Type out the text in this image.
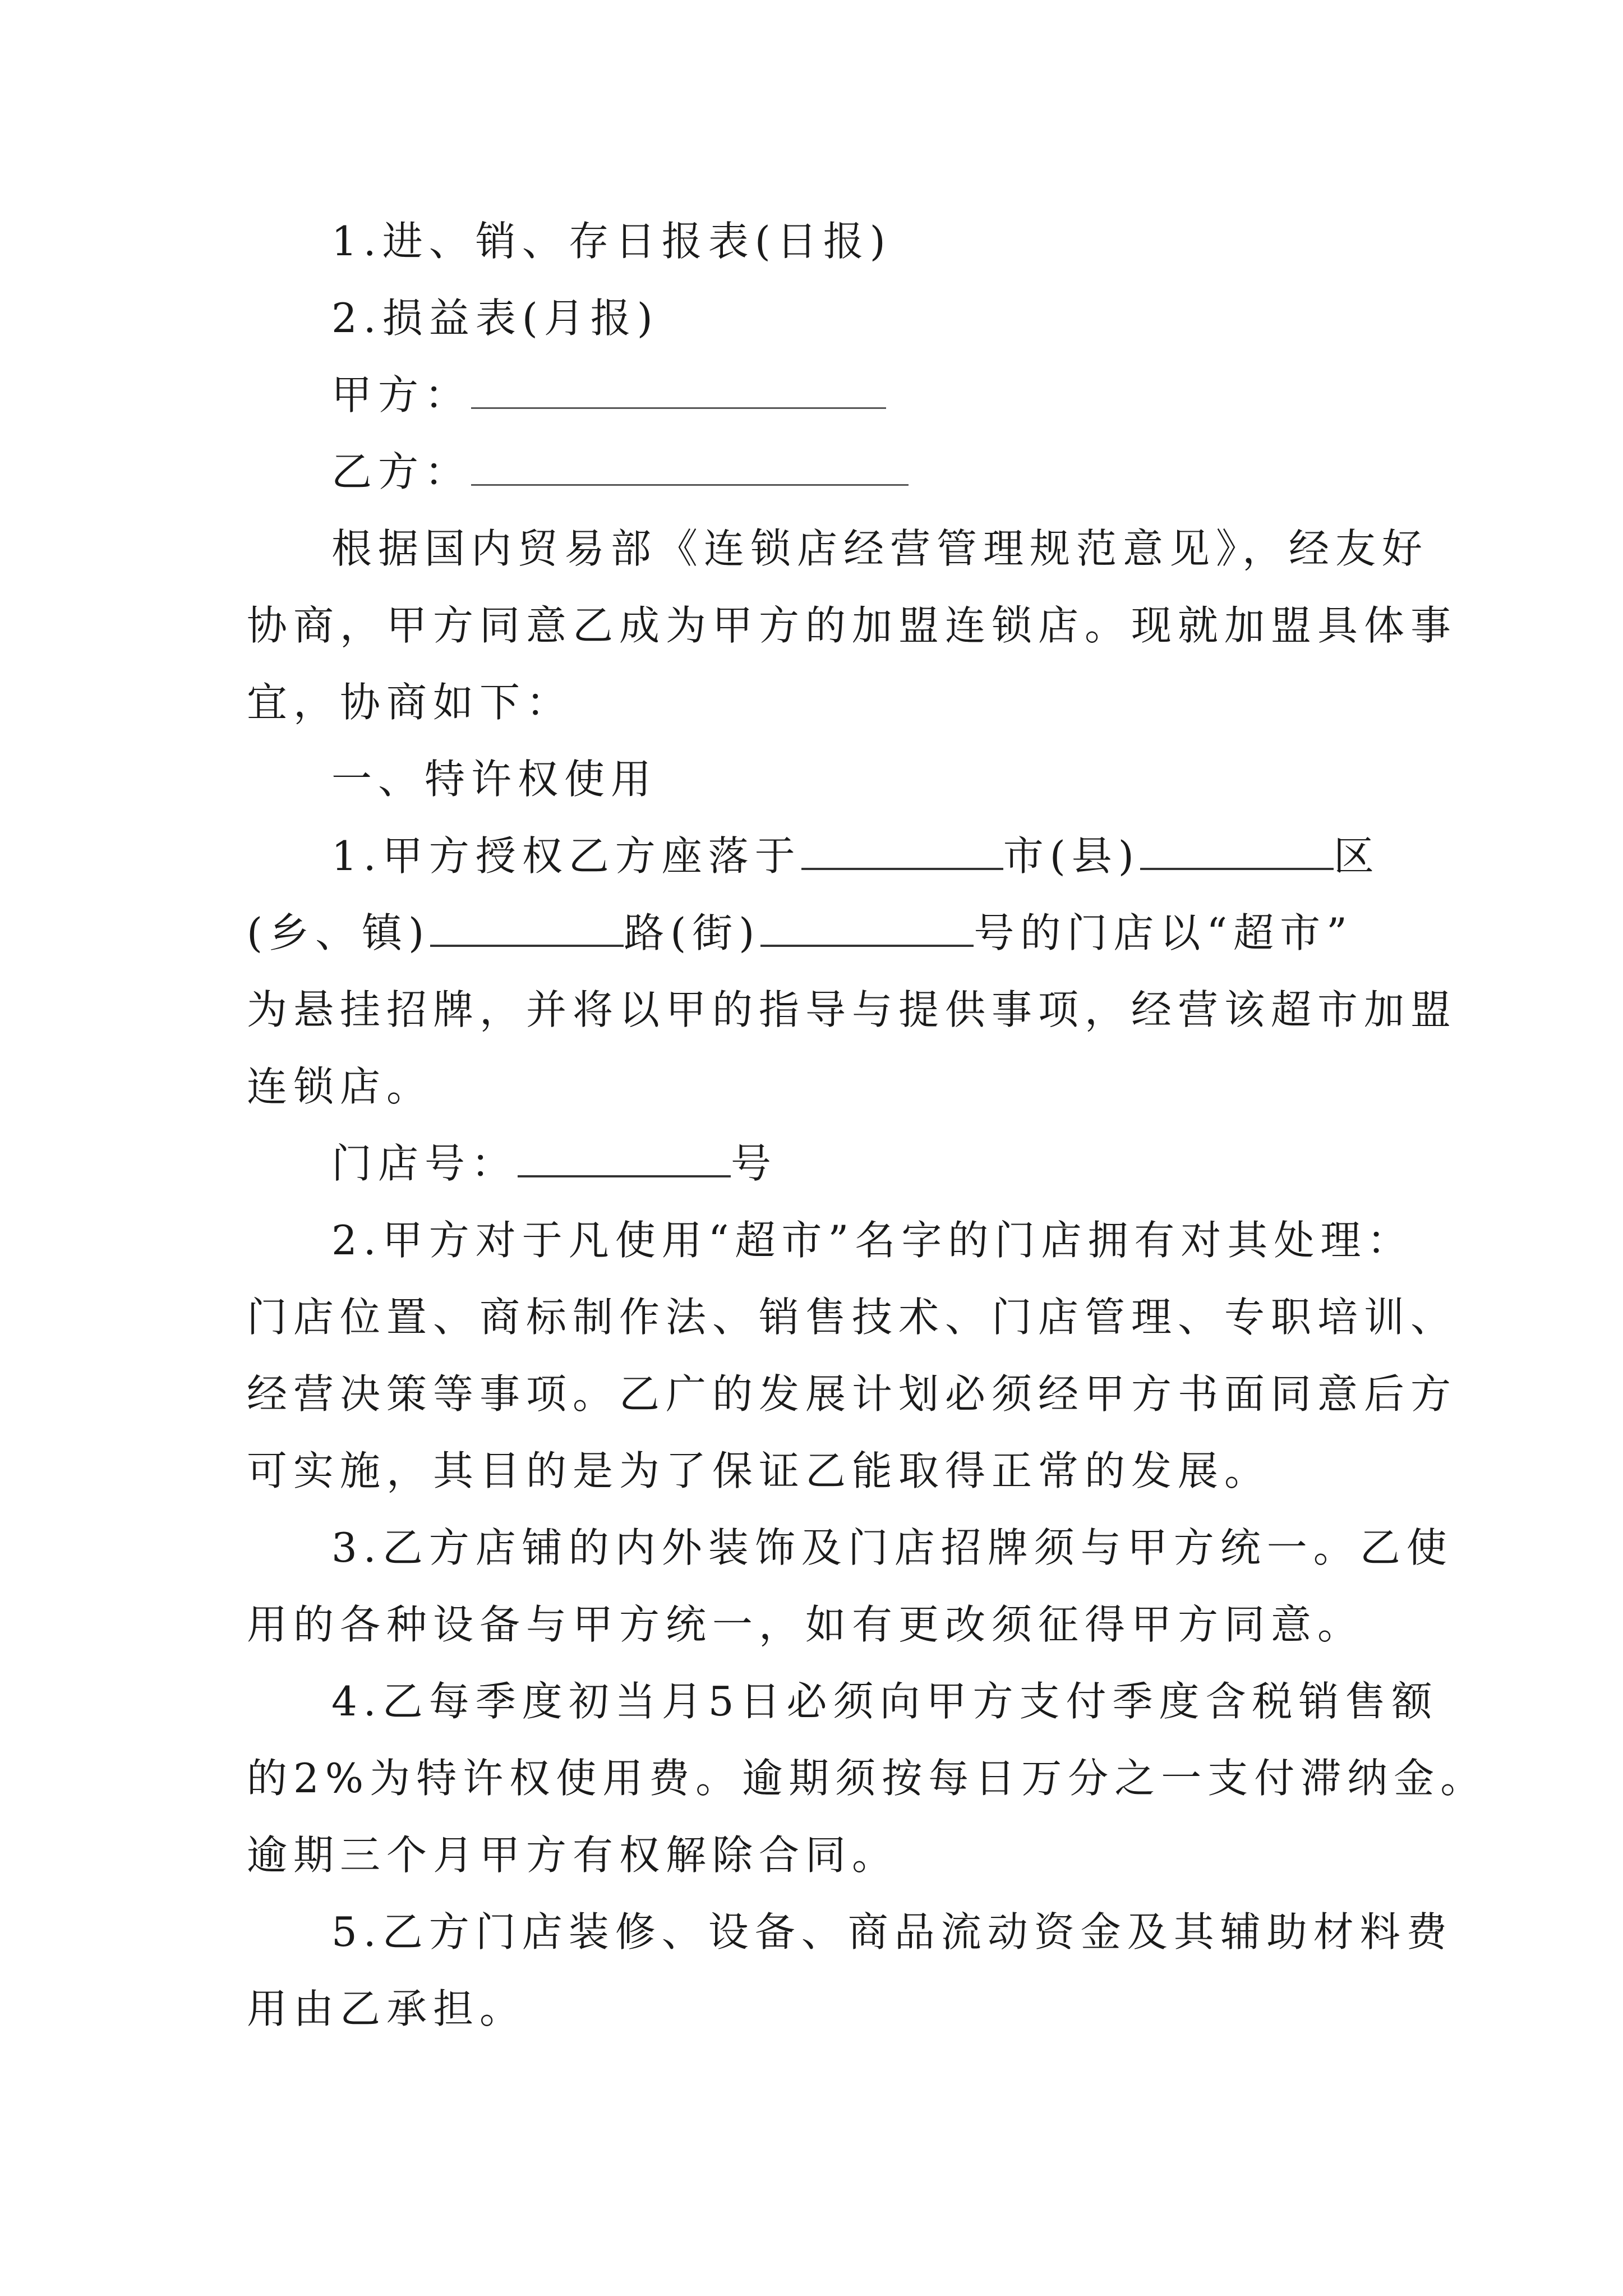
1.进、销、存日报表(日报)
2.损益表(月报)
甲方：
乙方：
根据国内贸易部《连锁店经营管理规范意见》，经友好
协商，甲方同意乙成为甲方的加盟连锁店。现就加盟具体事
宜，协商如下：
一、特许权使用
1.甲方授权乙方座落于	市(县)	区
(乡、镇)	路(街)	号的门店以“超市”
为悬挂招牌，并将以甲的指导与提供事项，经营该超市加盟
连锁店。
门店号：	号
2.甲方对于凡使用“超市”名字的门店拥有对其处理：
门店位置、商标制作法、销售技术、门店管理、专职培训、
经营决策等事项。乙广的发展计划必须经甲方书面同意后方
可实施，其目的是为了保证乙能取得正常的发展。
3.乙方店铺的内外装饰及门店招牌须与甲方统一。乙使
用的各种设备与甲方统一，如有更改须征得甲方同意。
4.乙每季度初当月5日必须向甲方支付季度含税销售额
的2%为特许权使用费。逾期须按每日万分之一支付滞纳金。
逾期三个月甲方有权解除合同。
5.乙方门店装修、设备、商品流动资金及其辅助材料费
用由乙承担。
